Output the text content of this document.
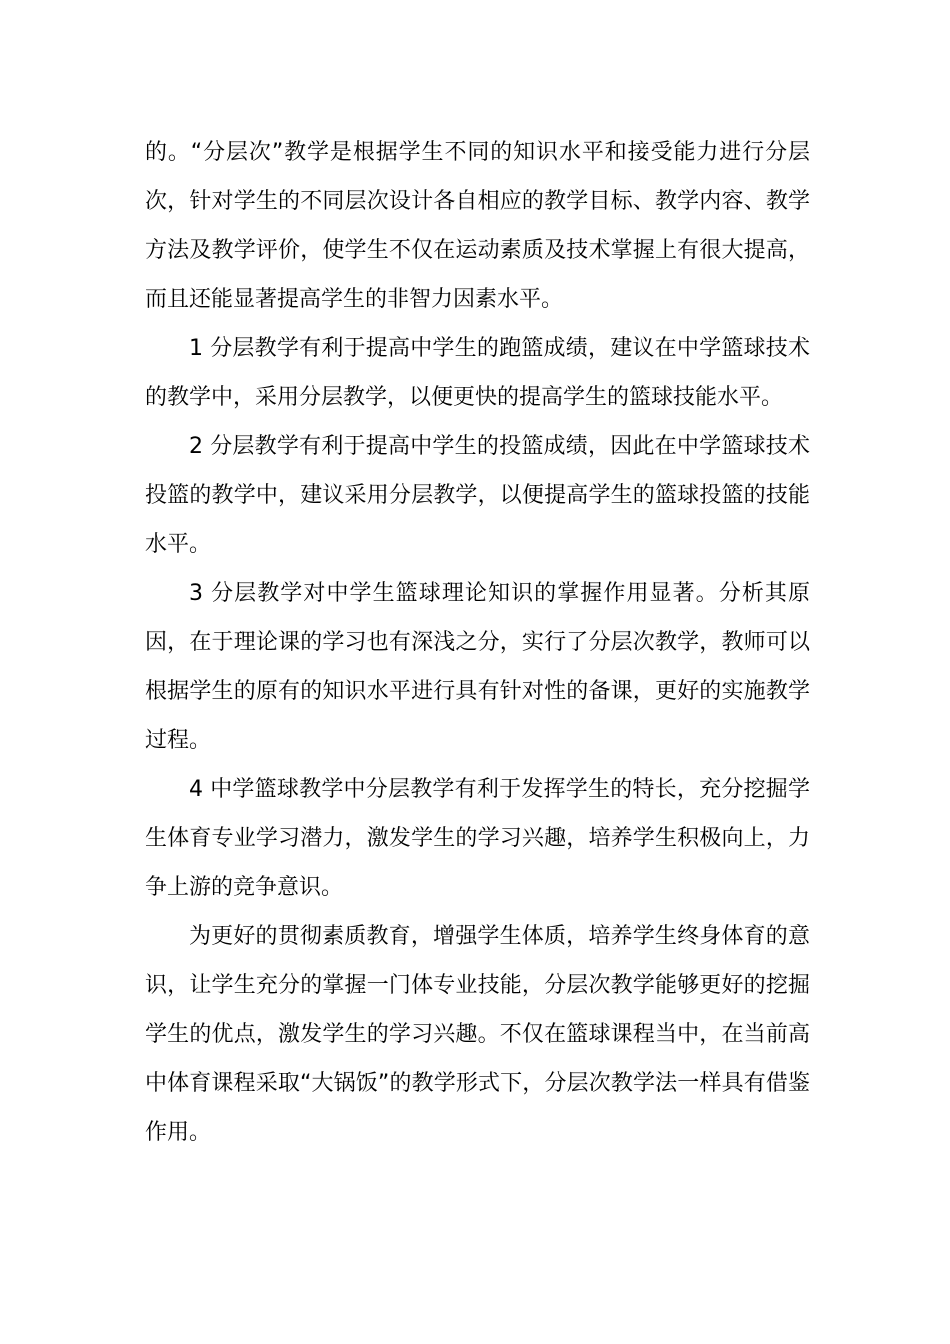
的。“分层次”教学是根据学生不同的知识水平和接受能力进行分层次，针对学生的不同层次设计各自相应的教学目标、教学内容、教学方法及教学评价，使学生不仅在运动素质及技术掌握上有很大提高，而且还能显著提高学生的非智力因素水平。

1 分层教学有利于提高中学生的跑篮成绩，建议在中学篮球技术的教学中，采用分层教学，以便更快的提高学生的篮球技能水平。

2 分层教学有利于提高中学生的投篮成绩，因此在中学篮球技术投篮的教学中，建议采用分层教学，以便提高学生的篮球投篮的技能水平。

3 分层教学对中学生篮球理论知识的掌握作用显著。分析其原因，在于理论课的学习也有深浅之分，实行了分层次教学，教师可以根据学生的原有的知识水平进行具有针对性的备课，更好的实施教学过程。

4 中学篮球教学中分层教学有利于发挥学生的特长，充分挖掘学生体育专业学习潜力，激发学生的学习兴趣，培养学生积极向上，力争上游的竞争意识。

为更好的贯彻素质教育，增强学生体质，培养学生终身体育的意识，让学生充分的掌握一门体专业技能，分层次教学能够更好的挖掘学生的优点，激发学生的学习兴趣。不仅在篮球课程当中，在当前高中体育课程采取“大锅饭”的教学形式下，分层次教学法一样具有借鉴作用。
